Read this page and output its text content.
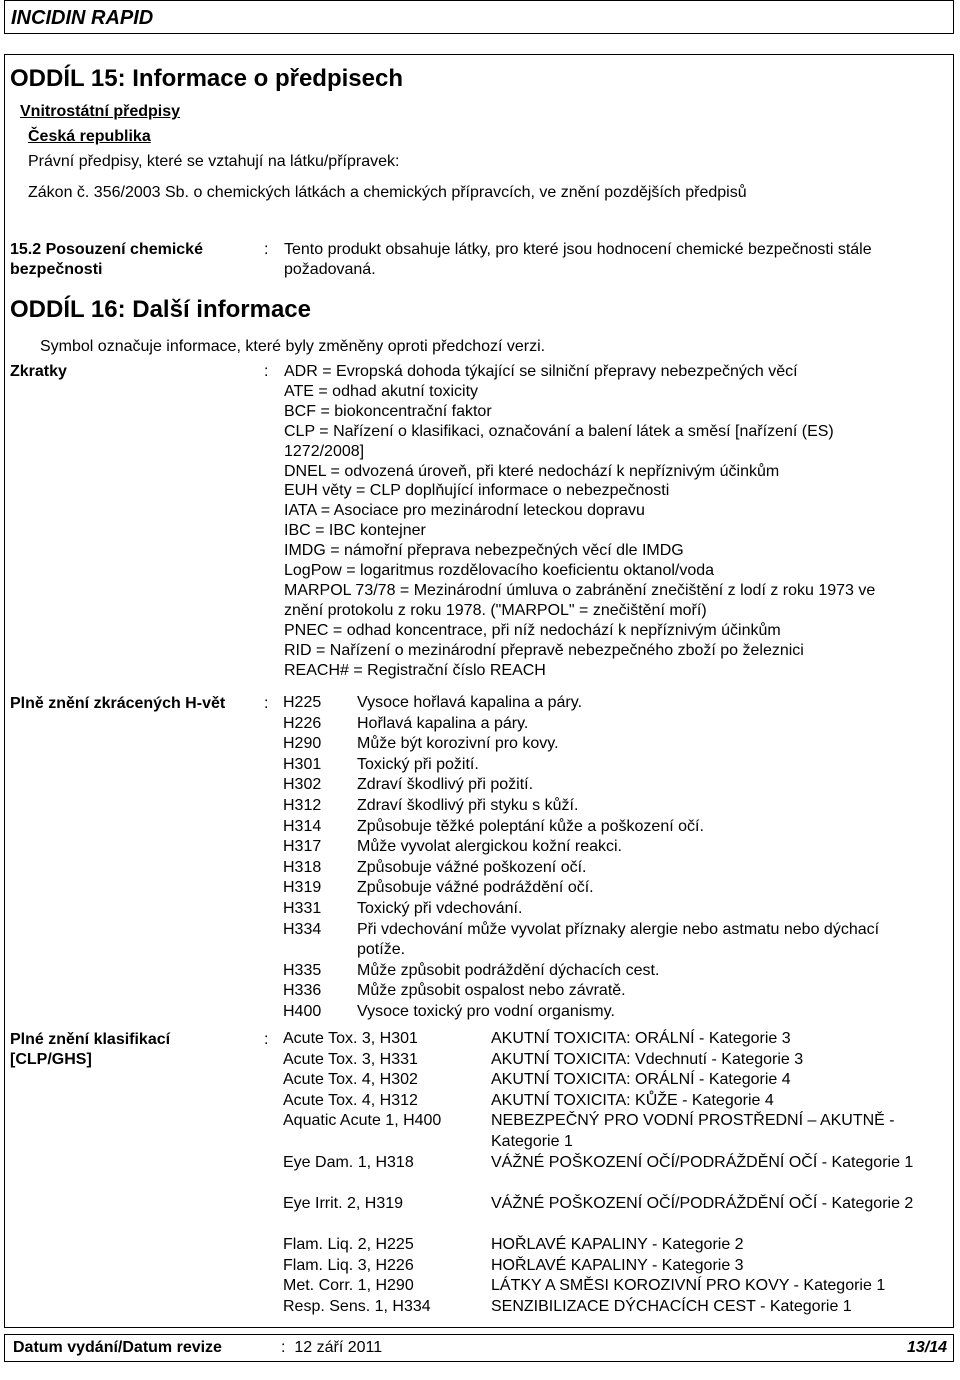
INCIDIN RAPID
ODDÍL 15: Informace o předpisech
Vnitrostátní předpisy
Česká republika
Právní předpisy, které se vztahují na látku/přípravek:
Zákon č. 356/2003 Sb. o chemických látkách a chemických přípravcích, ve znění pozdějších předpisů
15.2 Posouzení chemické
bezpečnosti
: Tento produkt obsahuje látky, pro které jsou hodnocení chemické bezpečnosti stále
požadovaná.
ODDÍL 16: Další informace
Symbol označuje informace, které byly změněny oproti předchozí verzi.
Zkratky	: ADR = Evropská dohoda týkající se silniční přepravy nebezpečných věcí
ATE = odhad akutní toxicity
BCF = biokoncentrační faktor
CLP = Nařízení o klasifikaci, označování a balení látek a směsí [nařízení (ES)
1272/2008]
DNEL = odvozená úroveň, při které nedochází k nepříznivým účinkům
EUH věty = CLP doplňující informace o nebezpečnosti
IATA = Asociace pro mezinárodní leteckou dopravu
IBC = IBC kontejner
IMDG = námořní přeprava nebezpečných věcí dle IMDG
LogPow = logaritmus rozdělovacího koeficientu oktanol/voda
MARPOL 73/78 = Mezinárodní úmluva o zabránění znečištění z lodí z roku 1973 ve
znění protokolu z roku 1978. ("MARPOL" = znečištění moří)
PNEC = odhad koncentrace, při níž nedochází k nepříznivým účinkům
RID = Nařízení o mezinárodní přepravě nebezpečného zboží po železnici
REACH# = Registrační číslo REACH
Plně znění zkrácených H-vět : H225 Vysoce hořlavá kapalina a páry.
H226 Hořlavá kapalina a páry.
H290 Může být korozivní pro kovy.
H301 Toxický při požití.
H302 Zdraví škodlivý při požití.
H312 Zdraví škodlivý při styku s kůží.
H314 Způsobuje těžké poleptání kůže a poškození očí.
H317 Může vyvolat alergickou kožní reakci.
H318 Způsobuje vážné poškození očí.
H319 Způsobuje vážné podráždění očí.
H331 Toxický při vdechování.
H334 Při vdechování může vyvolat příznaky alergie nebo astmatu nebo dýchací
potíže.
H335 Může způsobit podráždění dýchacích cest.
H336 Může způsobit ospalost nebo závratě.
H400 Vysoce toxický pro vodní organismy.
Plné znění klasifikací
[CLP/GHS]
: Acute Tox. 3, H301	AKUTNÍ TOXICITA: ORÁLNÍ - Kategorie 3
Acute Tox. 3, H331	AKUTNÍ TOXICITA: Vdechnutí - Kategorie 3
Acute Tox. 4, H302	AKUTNÍ TOXICITA: ORÁLNÍ - Kategorie 4
Acute Tox. 4, H312	AKUTNÍ TOXICITA: KŮŽE - Kategorie 4
Aquatic Acute 1, H400	NEBEZPEČNÝ PRO VODNÍ PROSTŘEDNÍ – AKUTNĚ - Kategorie 1
Eye Dam. 1, H318	VÁŽNÉ POŠKOZENÍ OČÍ/PODRÁŽDĚNÍ OČÍ - Kategorie 1
Eye Irrit. 2, H319	VÁŽNÉ POŠKOZENÍ OČÍ/PODRÁŽDĚNÍ OČÍ - Kategorie 2
Flam. Liq. 2, H225	HOŘLAVÉ KAPALINY - Kategorie 2
Flam. Liq. 3, H226	HOŘLAVÉ KAPALINY - Kategorie 3
Met. Corr. 1, H290	LÁTKY A SMĚSI KOROZIVNÍ PRO KOVY - Kategorie 1
Resp. Sens. 1, H334	SENZIBILIZACE DÝCHACÍCH CEST - Kategorie 1
Datum vydání/Datum revize	: 12 září 2011	13/14
